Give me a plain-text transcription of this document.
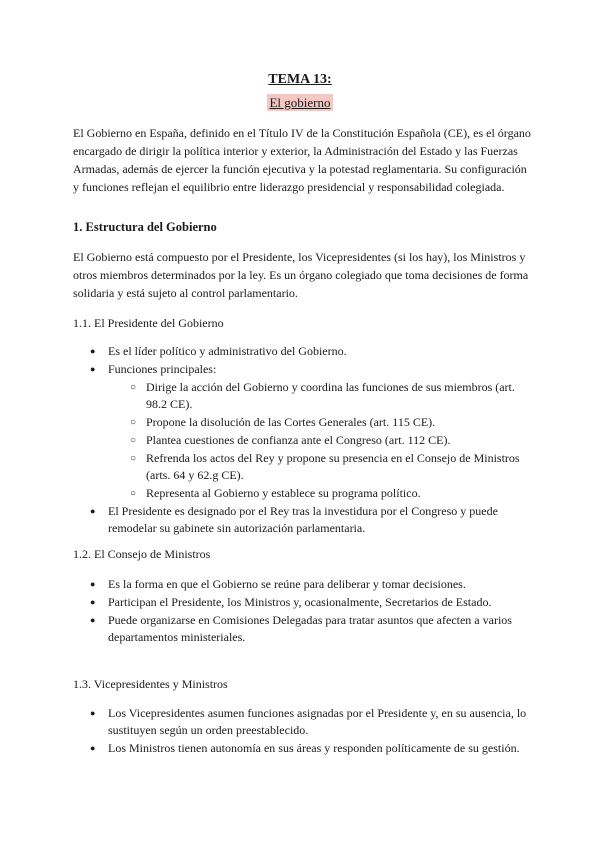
TEMA 13:
El gobierno
El Gobierno en España, definido en el Título IV de la Constitución Española (CE), es el órgano encargado de dirigir la política interior y exterior, la Administración del Estado y las Fuerzas Armadas, además de ejercer la función ejecutiva y la potestad reglamentaria. Su configuración y funciones reflejan el equilibrio entre liderazgo presidencial y responsabilidad colegiada.
1. Estructura del Gobierno
El Gobierno está compuesto por el Presidente, los Vicepresidentes (si los hay), los Ministros y otros miembros determinados por la ley. Es un órgano colegiado que toma decisiones de forma solidaria y está sujeto al control parlamentario.
1.1. El Presidente del Gobierno
● Es el líder político y administrativo del Gobierno.
● Funciones principales:
○ Dirige la acción del Gobierno y coordina las funciones de sus miembros (art. 98.2 CE).
○ Propone la disolución de las Cortes Generales (art. 115 CE).
○ Plantea cuestiones de confianza ante el Congreso (art. 112 CE).
○ Refrenda los actos del Rey y propone su presencia en el Consejo de Ministros (arts. 64 y 62.g CE).
○ Representa al Gobierno y establece su programa político.
● El Presidente es designado por el Rey tras la investidura por el Congreso y puede remodelar su gabinete sin autorización parlamentaria.
1.2. El Consejo de Ministros
● Es la forma en que el Gobierno se reúne para deliberar y tomar decisiones.
● Participan el Presidente, los Ministros y, ocasionalmente, Secretarios de Estado.
● Puede organizarse en Comisiones Delegadas para tratar asuntos que afecten a varios departamentos ministeriales.
1.3. Vicepresidentes y Ministros
● Los Vicepresidentes asumen funciones asignadas por el Presidente y, en su ausencia, lo sustituyen según un orden preestablecido.
● Los Ministros tienen autonomía en sus áreas y responden políticamente de su gestión.
